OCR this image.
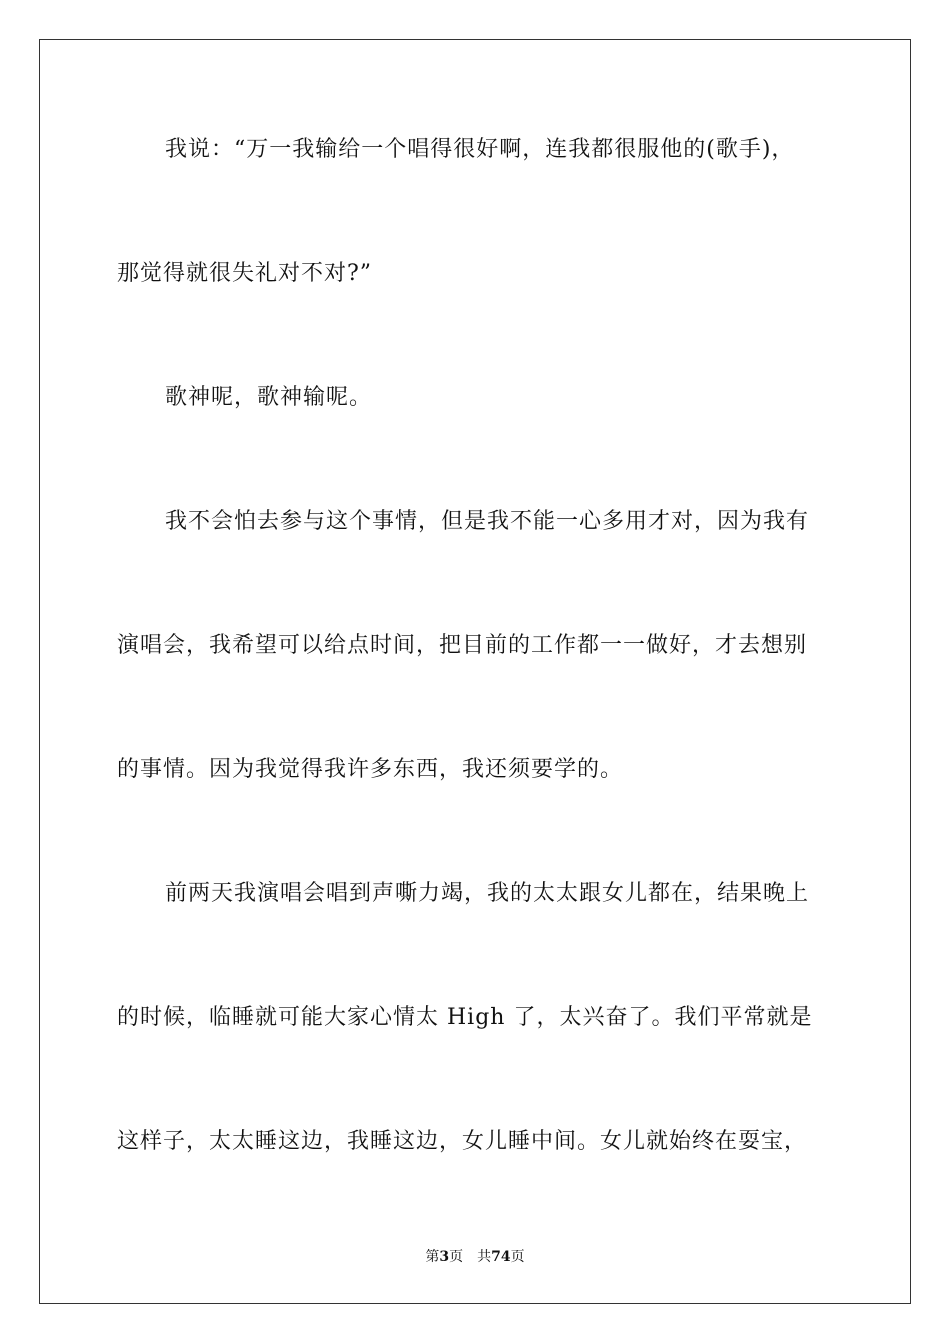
我说：“万一我输给一个唱得很好啊，连我都很服他的(歌手)，
那觉得就很失礼对不对?”
歌神呢，歌神输呢。
我不会怕去参与这个事情，但是我不能一心多用才对，因为我有
演唱会，我希望可以给点时间，把目前的工作都一一做好，才去想别
的事情。因为我觉得我许多东西，我还须要学的。
前两天我演唱会唱到声嘶力竭，我的太太跟女儿都在，结果晚上
的时候，临睡就可能大家心情太 High 了，太兴奋了。我们平常就是
这样子，太太睡这边，我睡这边，女儿睡中间。女儿就始终在耍宝，
第3页 共74页
